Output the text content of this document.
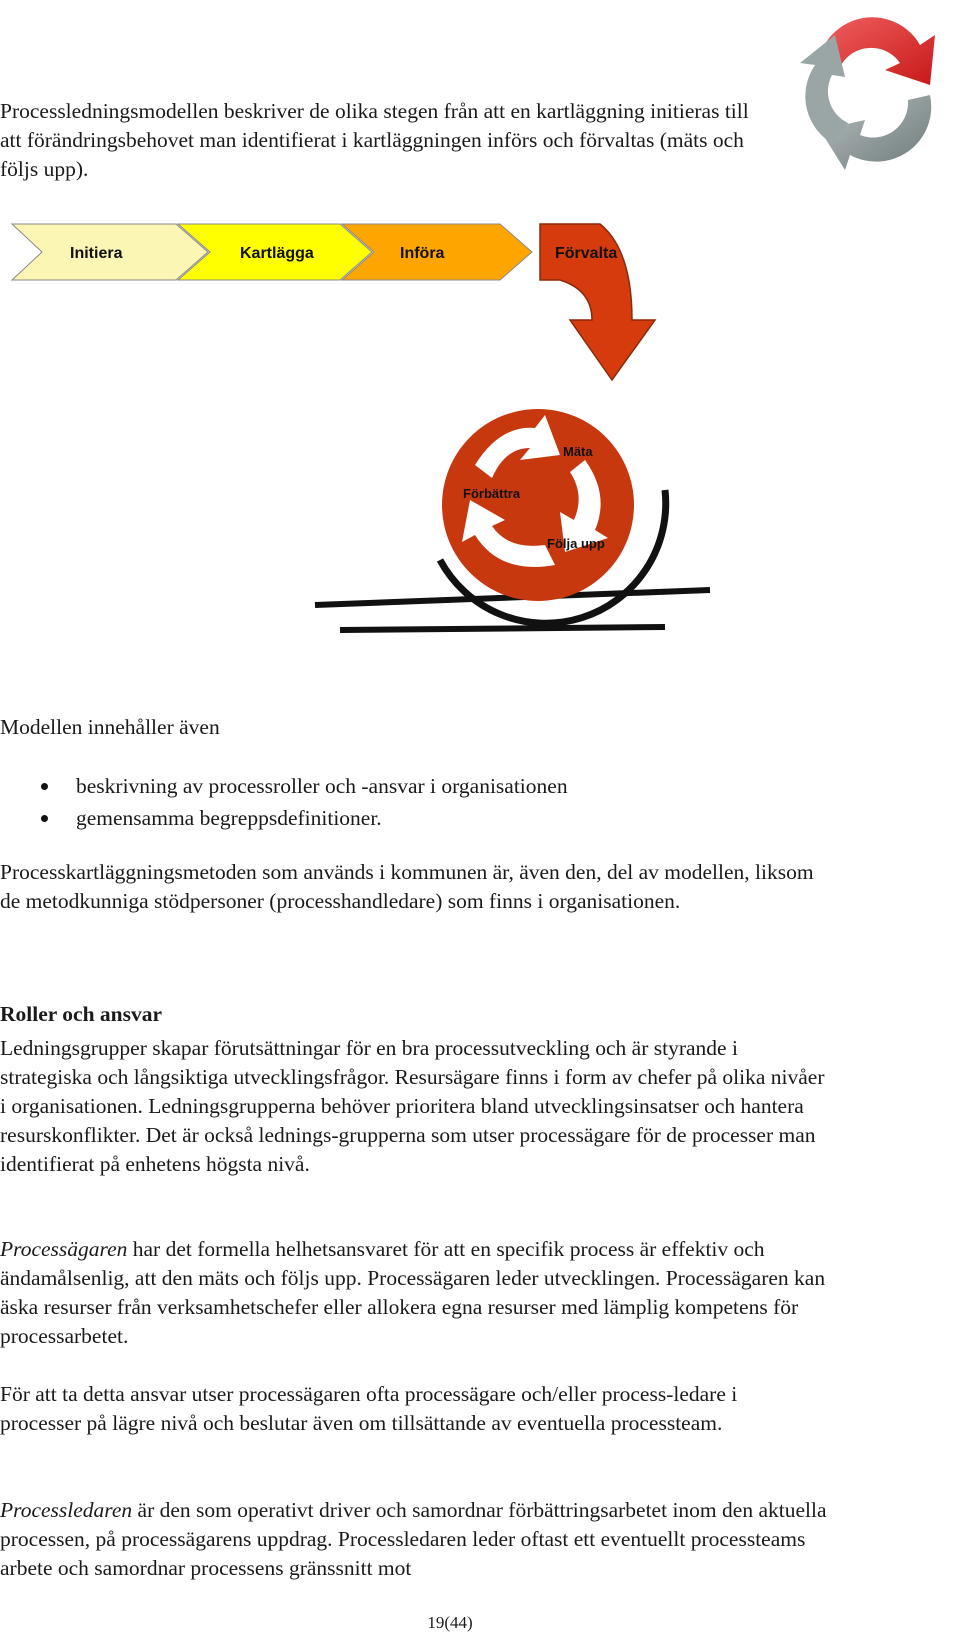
Processledningsmodellen beskriver de olika stegen från att en kartläggning initieras till att förändringsbehovet man identifierat i kartläggningen införs och förvaltas (mäts och följs upp).

Initiera	Kartlägga	Införa	Förvalta
Mäta
Förbättra
Följa upp

Modellen innehåller även

beskrivning av processroller och -ansvar i organisationen
gemensamma begreppsdefinitioner.

Processkartläggningsmetoden som används i kommunen är, även den, del av modellen, liksom de metodkunniga stödpersoner (processhandledare) som finns i organisationen.

Roller och ansvar

Ledningsgrupper skapar förutsättningar för en bra processutveckling och är styrande i strategiska och långsiktiga utvecklingsfrågor. Resursägare finns i form av chefer på olika nivåer i organisationen. Ledningsgrupperna behöver prioritera bland utvecklingsinsatser och hantera resurskonflikter. Det är också lednings-grupperna som utser processägare för de processer man identifierat på enhetens högsta nivå.

Processägaren har det formella helhetsansvaret för att en specifik process är effektiv och ändamålsenlig, att den mäts och följs upp. Processägaren leder utvecklingen. Processägaren kan äska resurser från verksamhetschefer eller allokera egna resurser med lämplig kompetens för processarbetet.

För att ta detta ansvar utser processägaren ofta processägare och/eller process-ledare i processer på lägre nivå och beslutar även om tillsättande av eventuella processteam.

Processledaren är den som operativt driver och samordnar förbättringsarbetet inom den aktuella processen, på processägarens uppdrag. Processledaren leder oftast ett eventuellt processteams arbete och samordnar processens gränssnitt mot

19(44)
